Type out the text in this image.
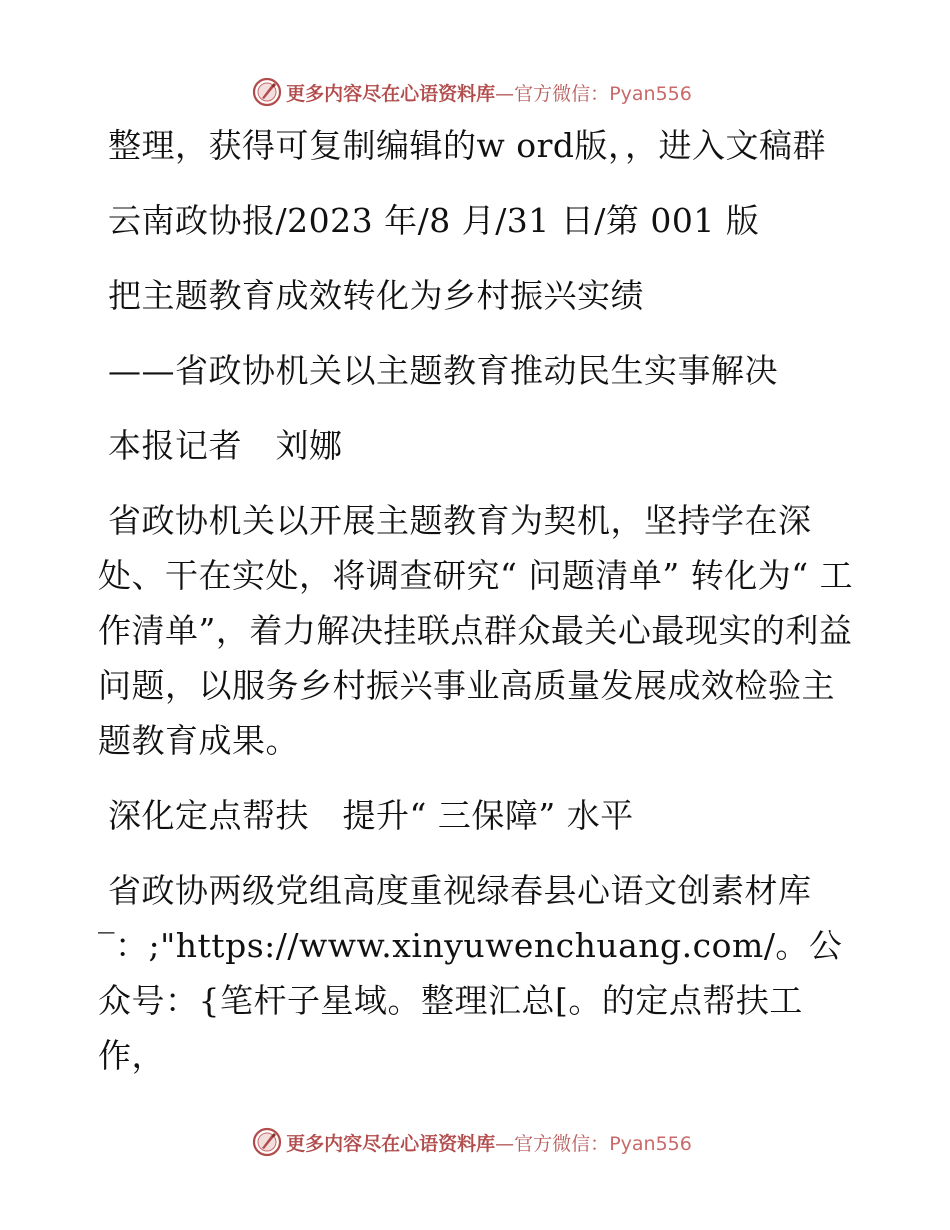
更多内容尽在心语资料库—官方微信：Pyan556

整理，获得可复制编辑的w ord版，，进入文稿群

云南政协报/2023 年/8 月/31 日/第 001 版

把主题教育成效转化为乡村振兴实绩

——省政协机关以主题教育推动民生实事解决

本报记者　刘娜

省政协机关以开展主题教育为契机，坚持学在深处、干在实处，将调查研究“ 问题清单” 转化为“ 工作清单”，着力解决挂联点群众最关心最现实的利益问题，以服务乡村振兴事业高质量发展成效检验主题教育成果。

深化定点帮扶　提升“ 三保障” 水平

省政协两级党组高度重视绿春县心语文创素材库‾：;"https://www.xinyuwenchuang.com/。公众号：{笔杆子星域。整理汇总[。的定点帮扶工作，

更多内容尽在心语资料库—官方微信：Pyan556
